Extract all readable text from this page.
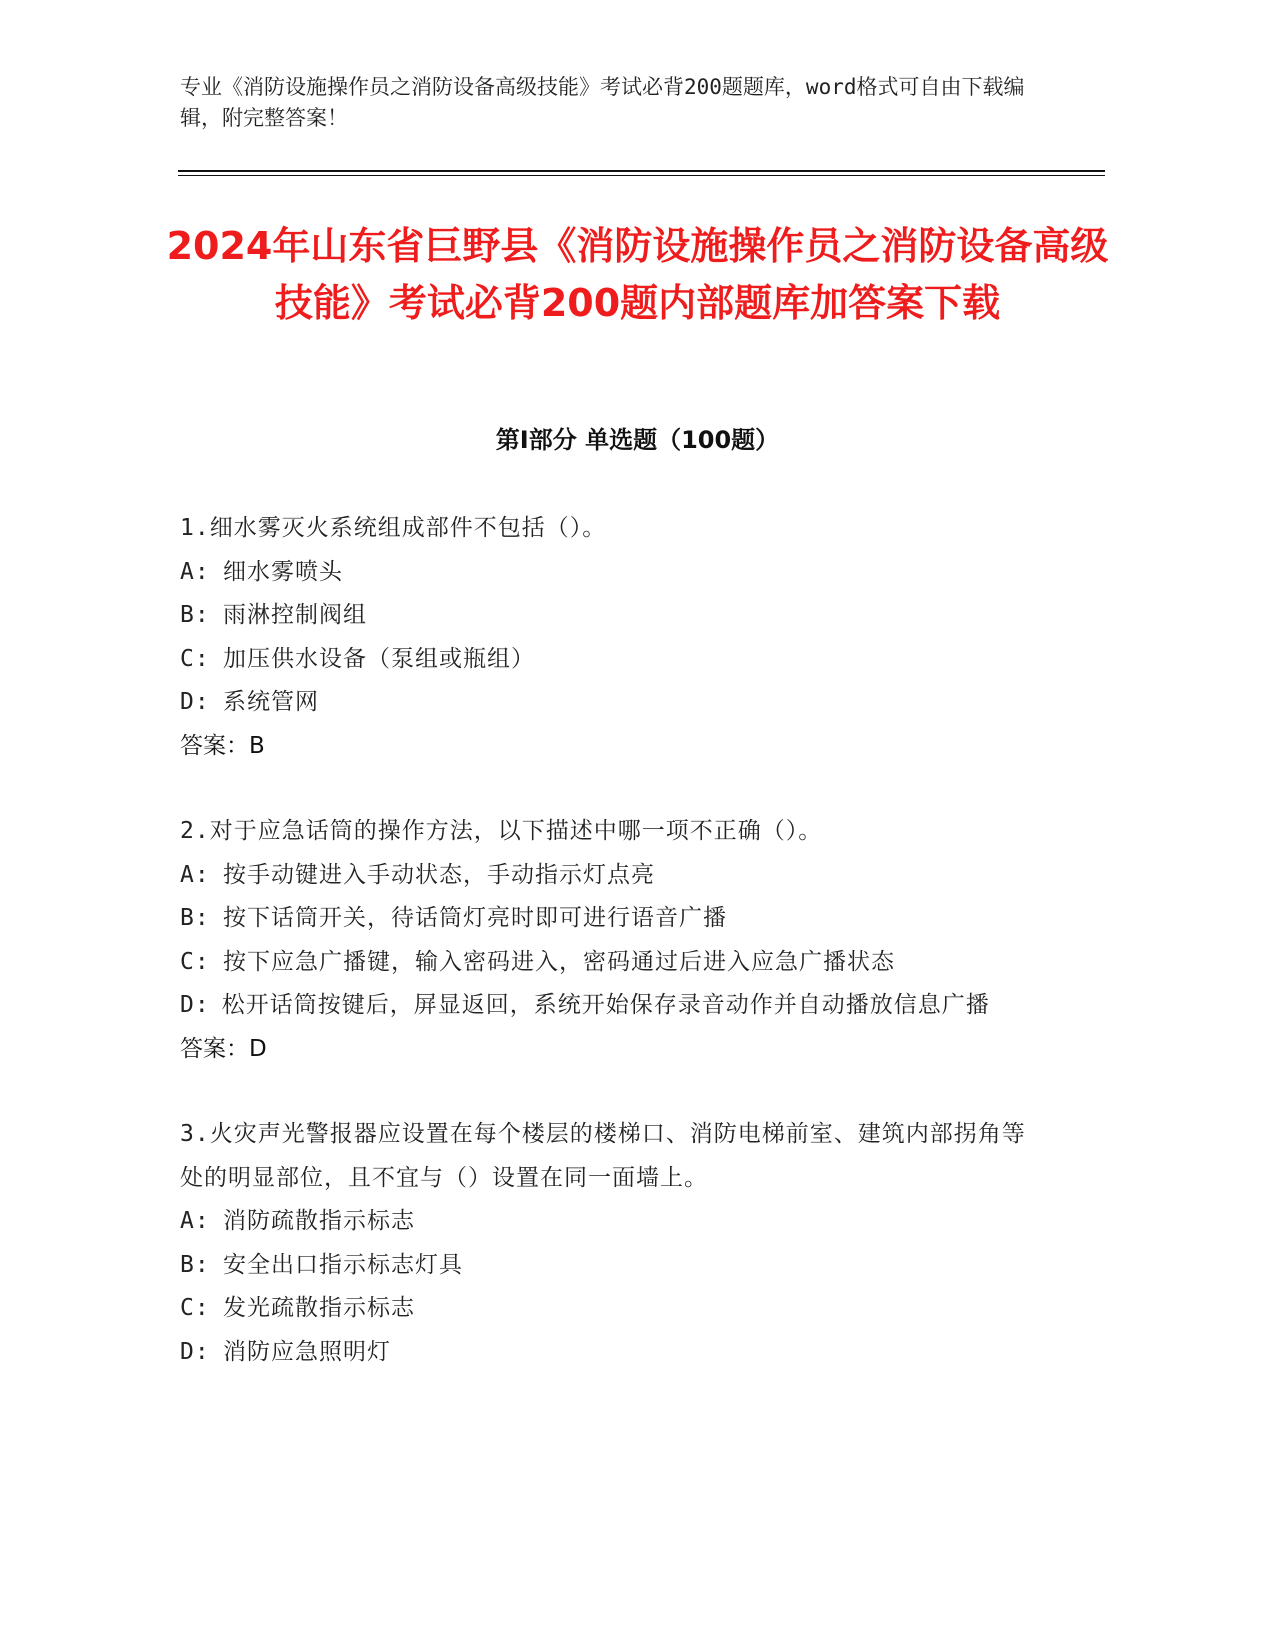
专业《消防设施操作员之消防设备高级技能》考试必背200题题库，word格式可自由下载编辑，附完整答案！
2024年山东省巨野县《消防设施操作员之消防设备高级技能》考试必背200题内部题库加答案下载
第Ⅰ部分 单选题（100题）
1.细水雾灭火系统组成部件不包括（）。
A: 细水雾喷头
B: 雨淋控制阀组
C: 加压供水设备（泵组或瓶组）
D: 系统管网
答案：B
2.对于应急话筒的操作方法，以下描述中哪一项不正确（）。
A: 按手动键进入手动状态，手动指示灯点亮
B: 按下话筒开关，待话筒灯亮时即可进行语音广播
C: 按下应急广播键，输入密码进入，密码通过后进入应急广播状态
D: 松开话筒按键后，屏显返回，系统开始保存录音动作并自动播放信息广播
答案：D
3.火灾声光警报器应设置在每个楼层的楼梯口、消防电梯前室、建筑内部拐角等处的明显部位，且不宜与（）设置在同一面墙上。
A: 消防疏散指示标志
B: 安全出口指示标志灯具
C: 发光疏散指示标志
D: 消防应急照明灯
